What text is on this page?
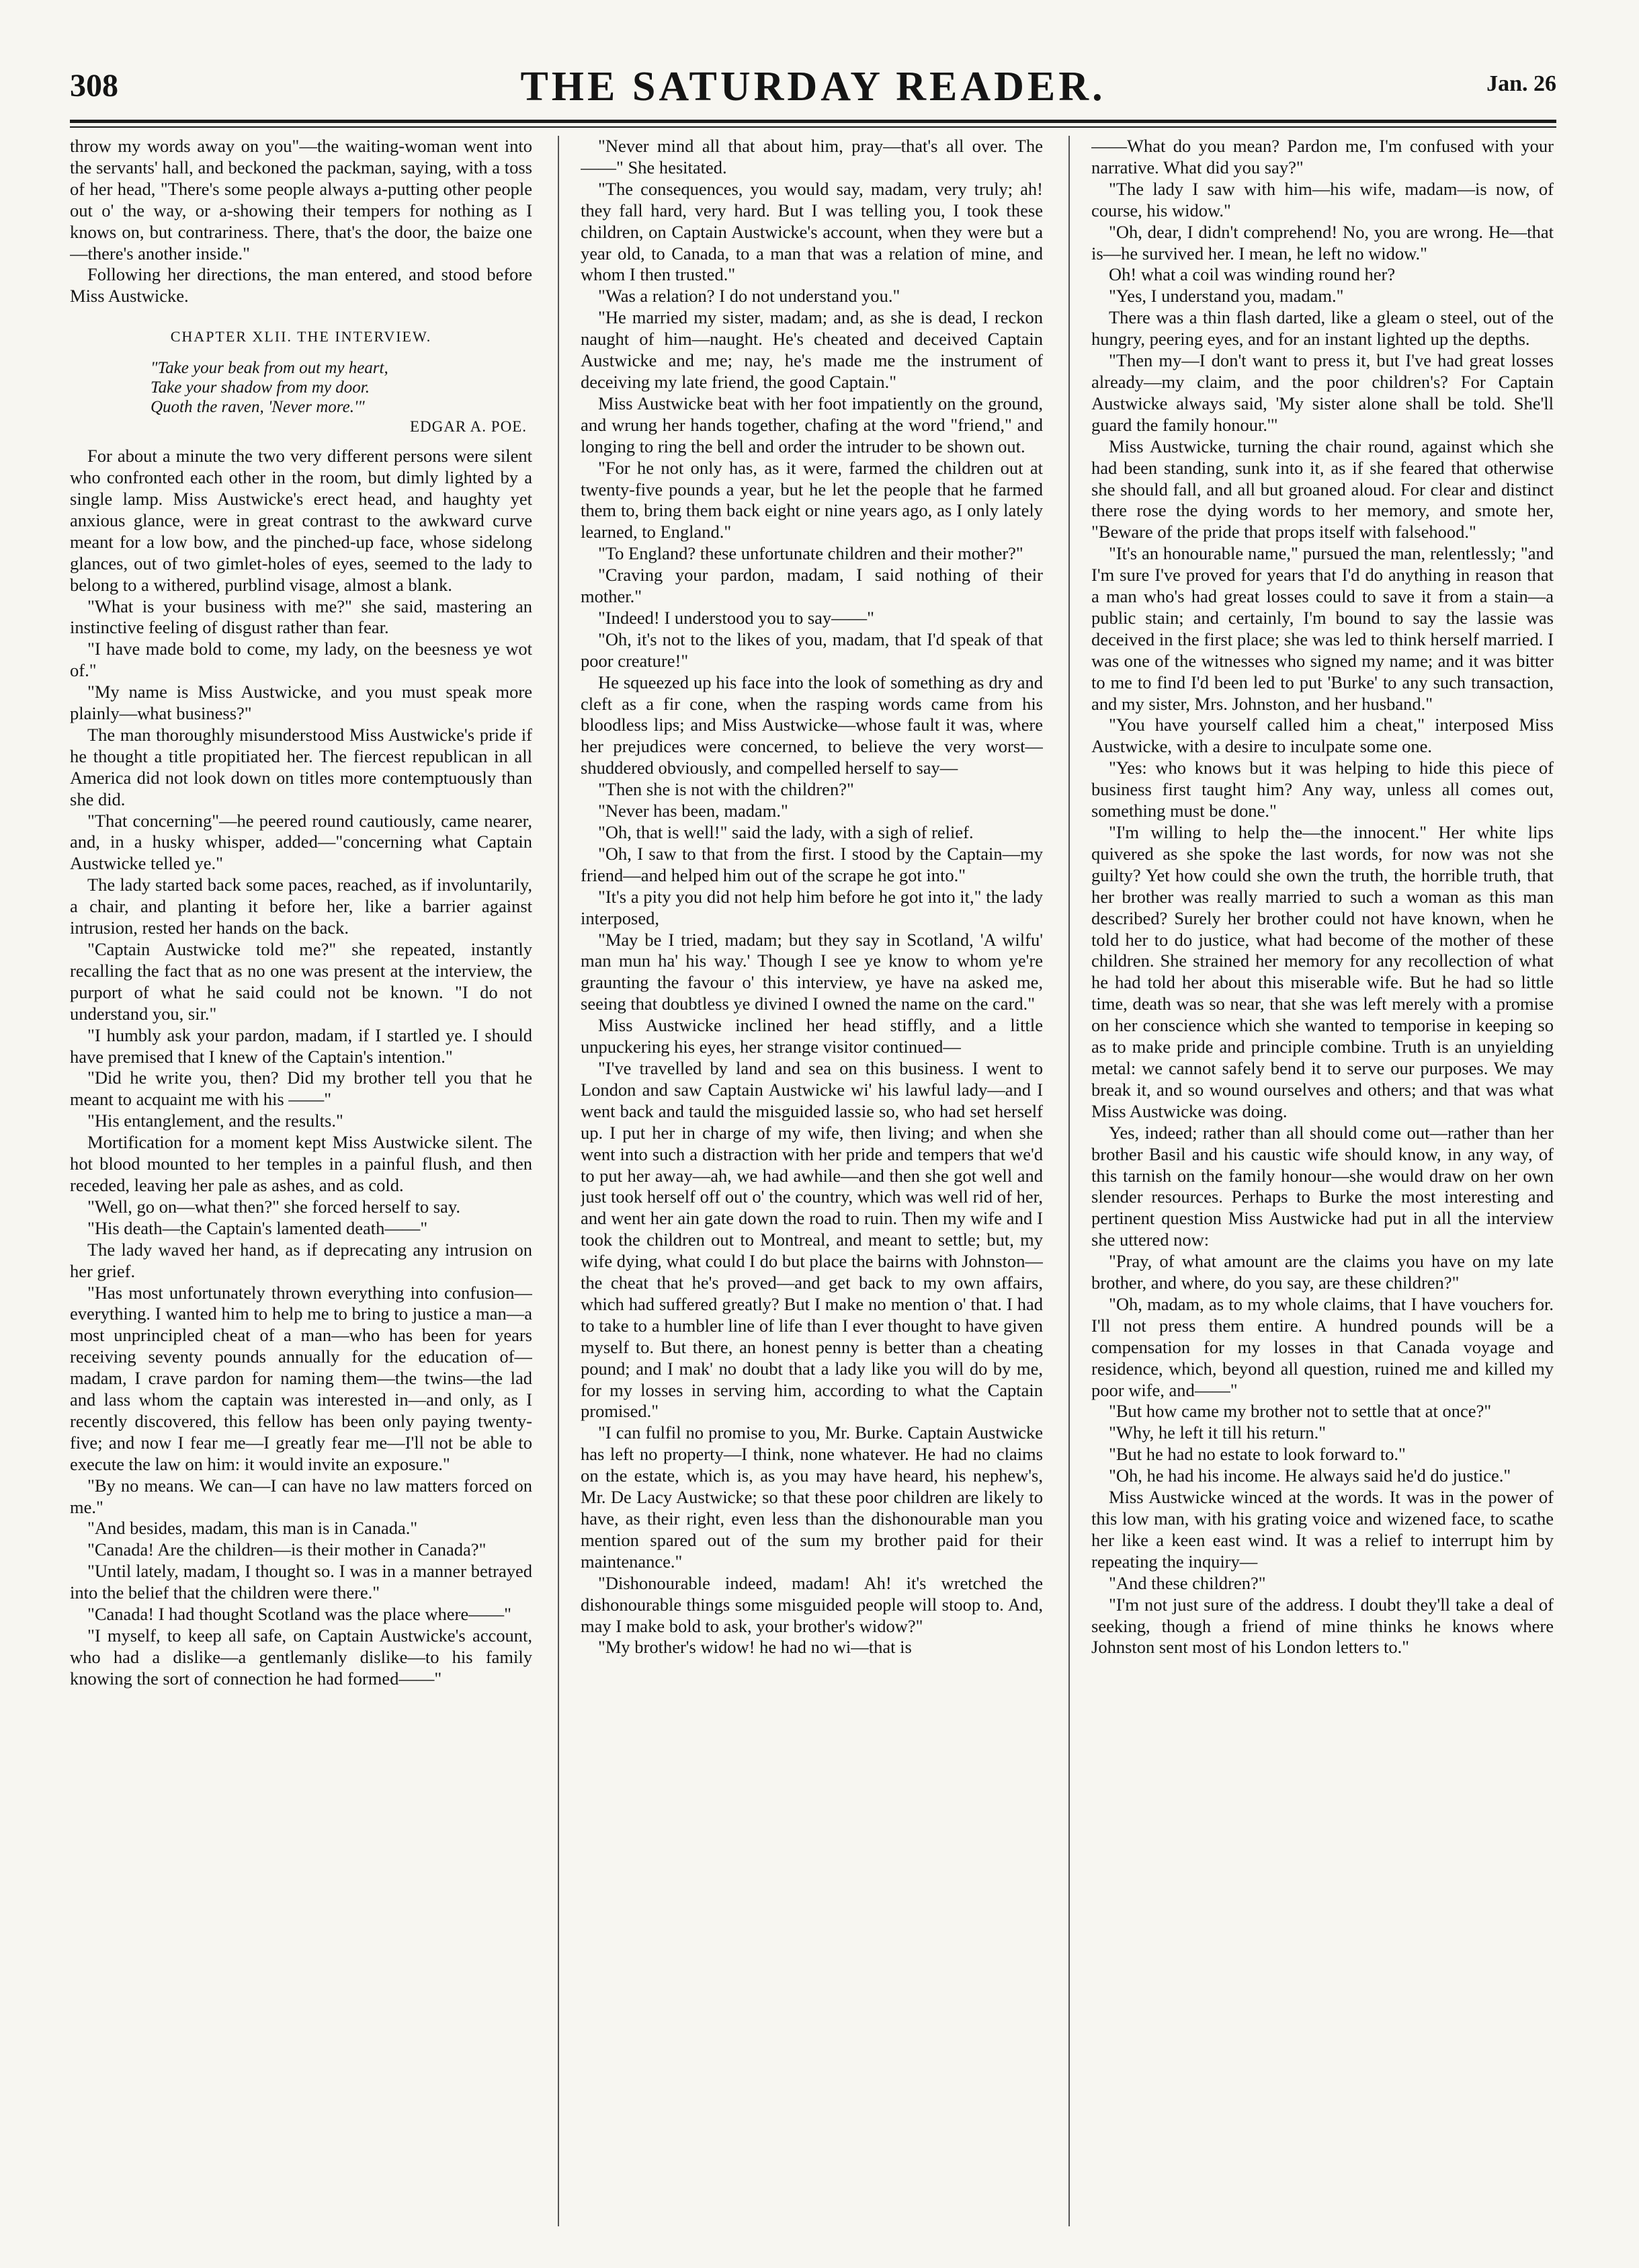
308	THE SATURDAY READER.	Jan. 26

throw my words away on you"—the waiting-woman went into the servants' hall, and beckoned the packman, saying, with a toss of her head, "There's some people always a-putting other people out o' the way, or a-showing their tempers for nothing as I knows on, but contrariness. There, that's the door, the baize one—there's another inside."

Following her directions, the man entered, and stood before Miss Austwicke.

CHAPTER XLII. THE INTERVIEW.
"Take your beak from out my heart,
Take your shadow from my door.
Quoth the raven, 'Never more.'"
EDGAR A. POE.

For about a minute the two very different persons were silent who confronted each other in the room, but dimly lighted by a single lamp. Miss Austwicke's erect head, and haughty yet anxious glance, were in great contrast to the awkward curve meant for a low bow, and the pinched-up face, whose sidelong glances, out of two gimlet-holes of eyes, seemed to the lady to belong to a withered, purblind visage, almost a blank.

"What is your business with me?" she said, mastering an instinctive feeling of disgust rather than fear.

"I have made bold to come, my lady, on the beesness ye wot of."

"My name is Miss Austwicke, and you must speak more plainly—what business?"

The man thoroughly misunderstood Miss Austwicke's pride if he thought a title propitiated her. The fiercest republican in all America did not look down on titles more contemptuously than she did.

"That concerning"—he peered round cautiously, came nearer, and, in a husky whisper, added—"concerning what Captain Austwicke telled ye."

The lady started back some paces, reached, as if involuntarily, a chair, and planting it before her, like a barrier against intrusion, rested her hands on the back.

"Captain Austwicke told me?" she repeated, instantly recalling the fact that as no one was present at the interview, the purport of what he said could not be known. "I do not understand you, sir."

"I humbly ask your pardon, madam, if I startled ye. I should have premised that I knew of the Captain's intention."

"Did he write you, then? Did my brother tell you that he meant to acquaint me with his ——"

"His entanglement, and the results."

Mortification for a moment kept Miss Austwicke silent. The hot blood mounted to her temples in a painful flush, and then receded, leaving her pale as ashes, and as cold.

"Well, go on—what then?" she forced herself to say.

"His death—the Captain's lamented death——"

The lady waved her hand, as if deprecating any intrusion on her grief.

"Has most unfortunately thrown everything into confusion—everything. I wanted him to help me to bring to justice a man—a most unprincipled cheat of a man—who has been for years receiving seventy pounds annually for the education of—madam, I crave pardon for naming them—the twins—the lad and lass whom the captain was interested in—and only, as I recently discovered, this fellow has been only paying twenty-five; and now I fear me—I greatly fear me—I'll not be able to execute the law on him: it would invite an exposure."

"By no means. We can—I can have no law matters forced on me."

"And besides, madam, this man is in Canada."

"Canada! Are the children—is their mother in Canada?"

"Until lately, madam, I thought so. I was in a manner betrayed into the belief that the children were there."

"Canada! I had thought Scotland was the place where——"

"I myself, to keep all safe, on Captain Austwicke's account, who had a dislike—a gentlemanly dislike—to his family knowing the sort of connection he had formed——"

"Never mind all that about him, pray—that's all over. The——" She hesitated.

"The consequences, you would say, madam, very truly; ah! they fall hard, very hard. But I was telling you, I took these children, on Captain Austwicke's account, when they were but a year old, to Canada, to a man that was a relation of mine, and whom I then trusted."

"Was a relation? I do not understand you."

"He married my sister, madam; and, as she is dead, I reckon naught of him—naught. He's cheated and deceived Captain Austwicke and me; nay, he's made me the instrument of deceiving my late friend, the good Captain."

Miss Austwicke beat with her foot impatiently on the ground, and wrung her hands together, chafing at the word "friend," and longing to ring the bell and order the intruder to be shown out.

"For he not only has, as it were, farmed the children out at twenty-five pounds a year, but he let the people that he farmed them to, bring them back eight or nine years ago, as I only lately learned, to England."

"To England? these unfortunate children and their mother?"

"Craving your pardon, madam, I said nothing of their mother."

"Indeed! I understood you to say——"

"Oh, it's not to the likes of you, madam, that I'd speak of that poor creature!"

He squeezed up his face into the look of something as dry and cleft as a fir cone, when the rasping words came from his bloodless lips; and Miss Austwicke—whose fault it was, where her prejudices were concerned, to believe the very worst—shuddered obviously, and compelled herself to say—

"Then she is not with the children?"

"Never has been, madam."

"Oh, that is well!" said the lady, with a sigh of relief.

"Oh, I saw to that from the first. I stood by the Captain—my friend—and helped him out of the scrape he got into."

"It's a pity you did not help him before he got into it," the lady interposed,

"May be I tried, madam; but they say in Scotland, 'A wilfu' man mun ha' his way.' Though I see ye know to whom ye're graunting the favour o' this interview, ye have na asked me, seeing that doubtless ye divined I owned the name on the card."

Miss Austwicke inclined her head stiffly, and a little unpuckering his eyes, her strange visitor continued—

"I've travelled by land and sea on this business. I went to London and saw Captain Austwicke wi' his lawful lady—and I went back and tauld the misguided lassie so, who had set herself up. I put her in charge of my wife, then living; and when she went into such a distraction with her pride and tempers that we'd to put her away—ah, we had awhile—and then she got well and just took herself off out o' the country, which was well rid of her, and went her ain gate down the road to ruin. Then my wife and I took the children out to Montreal, and meant to settle; but, my wife dying, what could I do but place the bairns with Johnston—the cheat that he's proved—and get back to my own affairs, which had suffered greatly? But I make no mention o' that. I had to take to a humbler line of life than I ever thought to have given myself to. But there, an honest penny is better than a cheating pound; and I mak' no doubt that a lady like you will do by me, for my losses in serving him, according to what the Captain promised."

"I can fulfil no promise to you, Mr. Burke. Captain Austwicke has left no property—I think, none whatever. He had no claims on the estate, which is, as you may have heard, his nephew's, Mr. De Lacy Austwicke; so that these poor children are likely to have, as their right, even less than the dishonourable man you mention spared out of the sum my brother paid for their maintenance."

"Dishonourable indeed, madam! Ah! it's wretched the dishonourable things some misguided people will stoop to. And, may I make bold to ask, your brother's widow?"

"My brother's widow! he had no wi—that is

——What do you mean? Pardon me, I'm confused with your narrative. What did you say?"

"The lady I saw with him—his wife, madam—is now, of course, his widow."

"Oh, dear, I didn't comprehend! No, you are wrong. He—that is—he survived her. I mean, he left no widow."

Oh! what a coil was winding round her?

"Yes, I understand you, madam."

There was a thin flash darted, like a gleam o steel, out of the hungry, peering eyes, and for an instant lighted up the depths.

"Then my—I don't want to press it, but I've had great losses already—my claim, and the poor children's? For Captain Austwicke always said, 'My sister alone shall be told. She'll guard the family honour.'"

Miss Austwicke, turning the chair round, against which she had been standing, sunk into it, as if she feared that otherwise she should fall, and all but groaned aloud. For clear and distinct there rose the dying words to her memory, and smote her, "Beware of the pride that props itself with falsehood."

"It's an honourable name," pursued the man, relentlessly; "and I'm sure I've proved for years that I'd do anything in reason that a man who's had great losses could to save it from a stain—a public stain; and certainly, I'm bound to say the lassie was deceived in the first place; she was led to think herself married. I was one of the witnesses who signed my name; and it was bitter to me to find I'd been led to put 'Burke' to any such transaction, and my sister, Mrs. Johnston, and her husband."

"You have yourself called him a cheat," interposed Miss Austwicke, with a desire to inculpate some one.

"Yes: who knows but it was helping to hide this piece of business first taught him? Any way, unless all comes out, something must be done."

"I'm willing to help the—the innocent." Her white lips quivered as she spoke the last words, for now was not she guilty? Yet how could she own the truth, the horrible truth, that her brother was really married to such a woman as this man described? Surely her brother could not have known, when he told her to do justice, what had become of the mother of these children. She strained her memory for any recollection of what he had told her about this miserable wife. But he had so little time, death was so near, that she was left merely with a promise on her conscience which she wanted to temporise in keeping so as to make pride and principle combine. Truth is an unyielding metal: we cannot safely bend it to serve our purposes. We may break it, and so wound ourselves and others; and that was what Miss Austwicke was doing.

Yes, indeed; rather than all should come out—rather than her brother Basil and his caustic wife should know, in any way, of this tarnish on the family honour—she would draw on her own slender resources. Perhaps to Burke the most interesting and pertinent question Miss Austwicke had put in all the interview she uttered now:

"Pray, of what amount are the claims you have on my late brother, and where, do you say, are these children?"

"Oh, madam, as to my whole claims, that I have vouchers for. I'll not press them entire. A hundred pounds will be a compensation for my losses in that Canada voyage and residence, which, beyond all question, ruined me and killed my poor wife, and——"

"But how came my brother not to settle that at once?"

"Why, he left it till his return."

"But he had no estate to look forward to."

"Oh, he had his income. He always said he'd do justice."

Miss Austwicke winced at the words. It was in the power of this low man, with his grating voice and wizened face, to scathe her like a keen east wind. It was a relief to interrupt him by repeating the inquiry—

"And these children?"

"I'm not just sure of the address. I doubt they'll take a deal of seeking, though a friend of mine thinks he knows where Johnston sent most of his London letters to."
